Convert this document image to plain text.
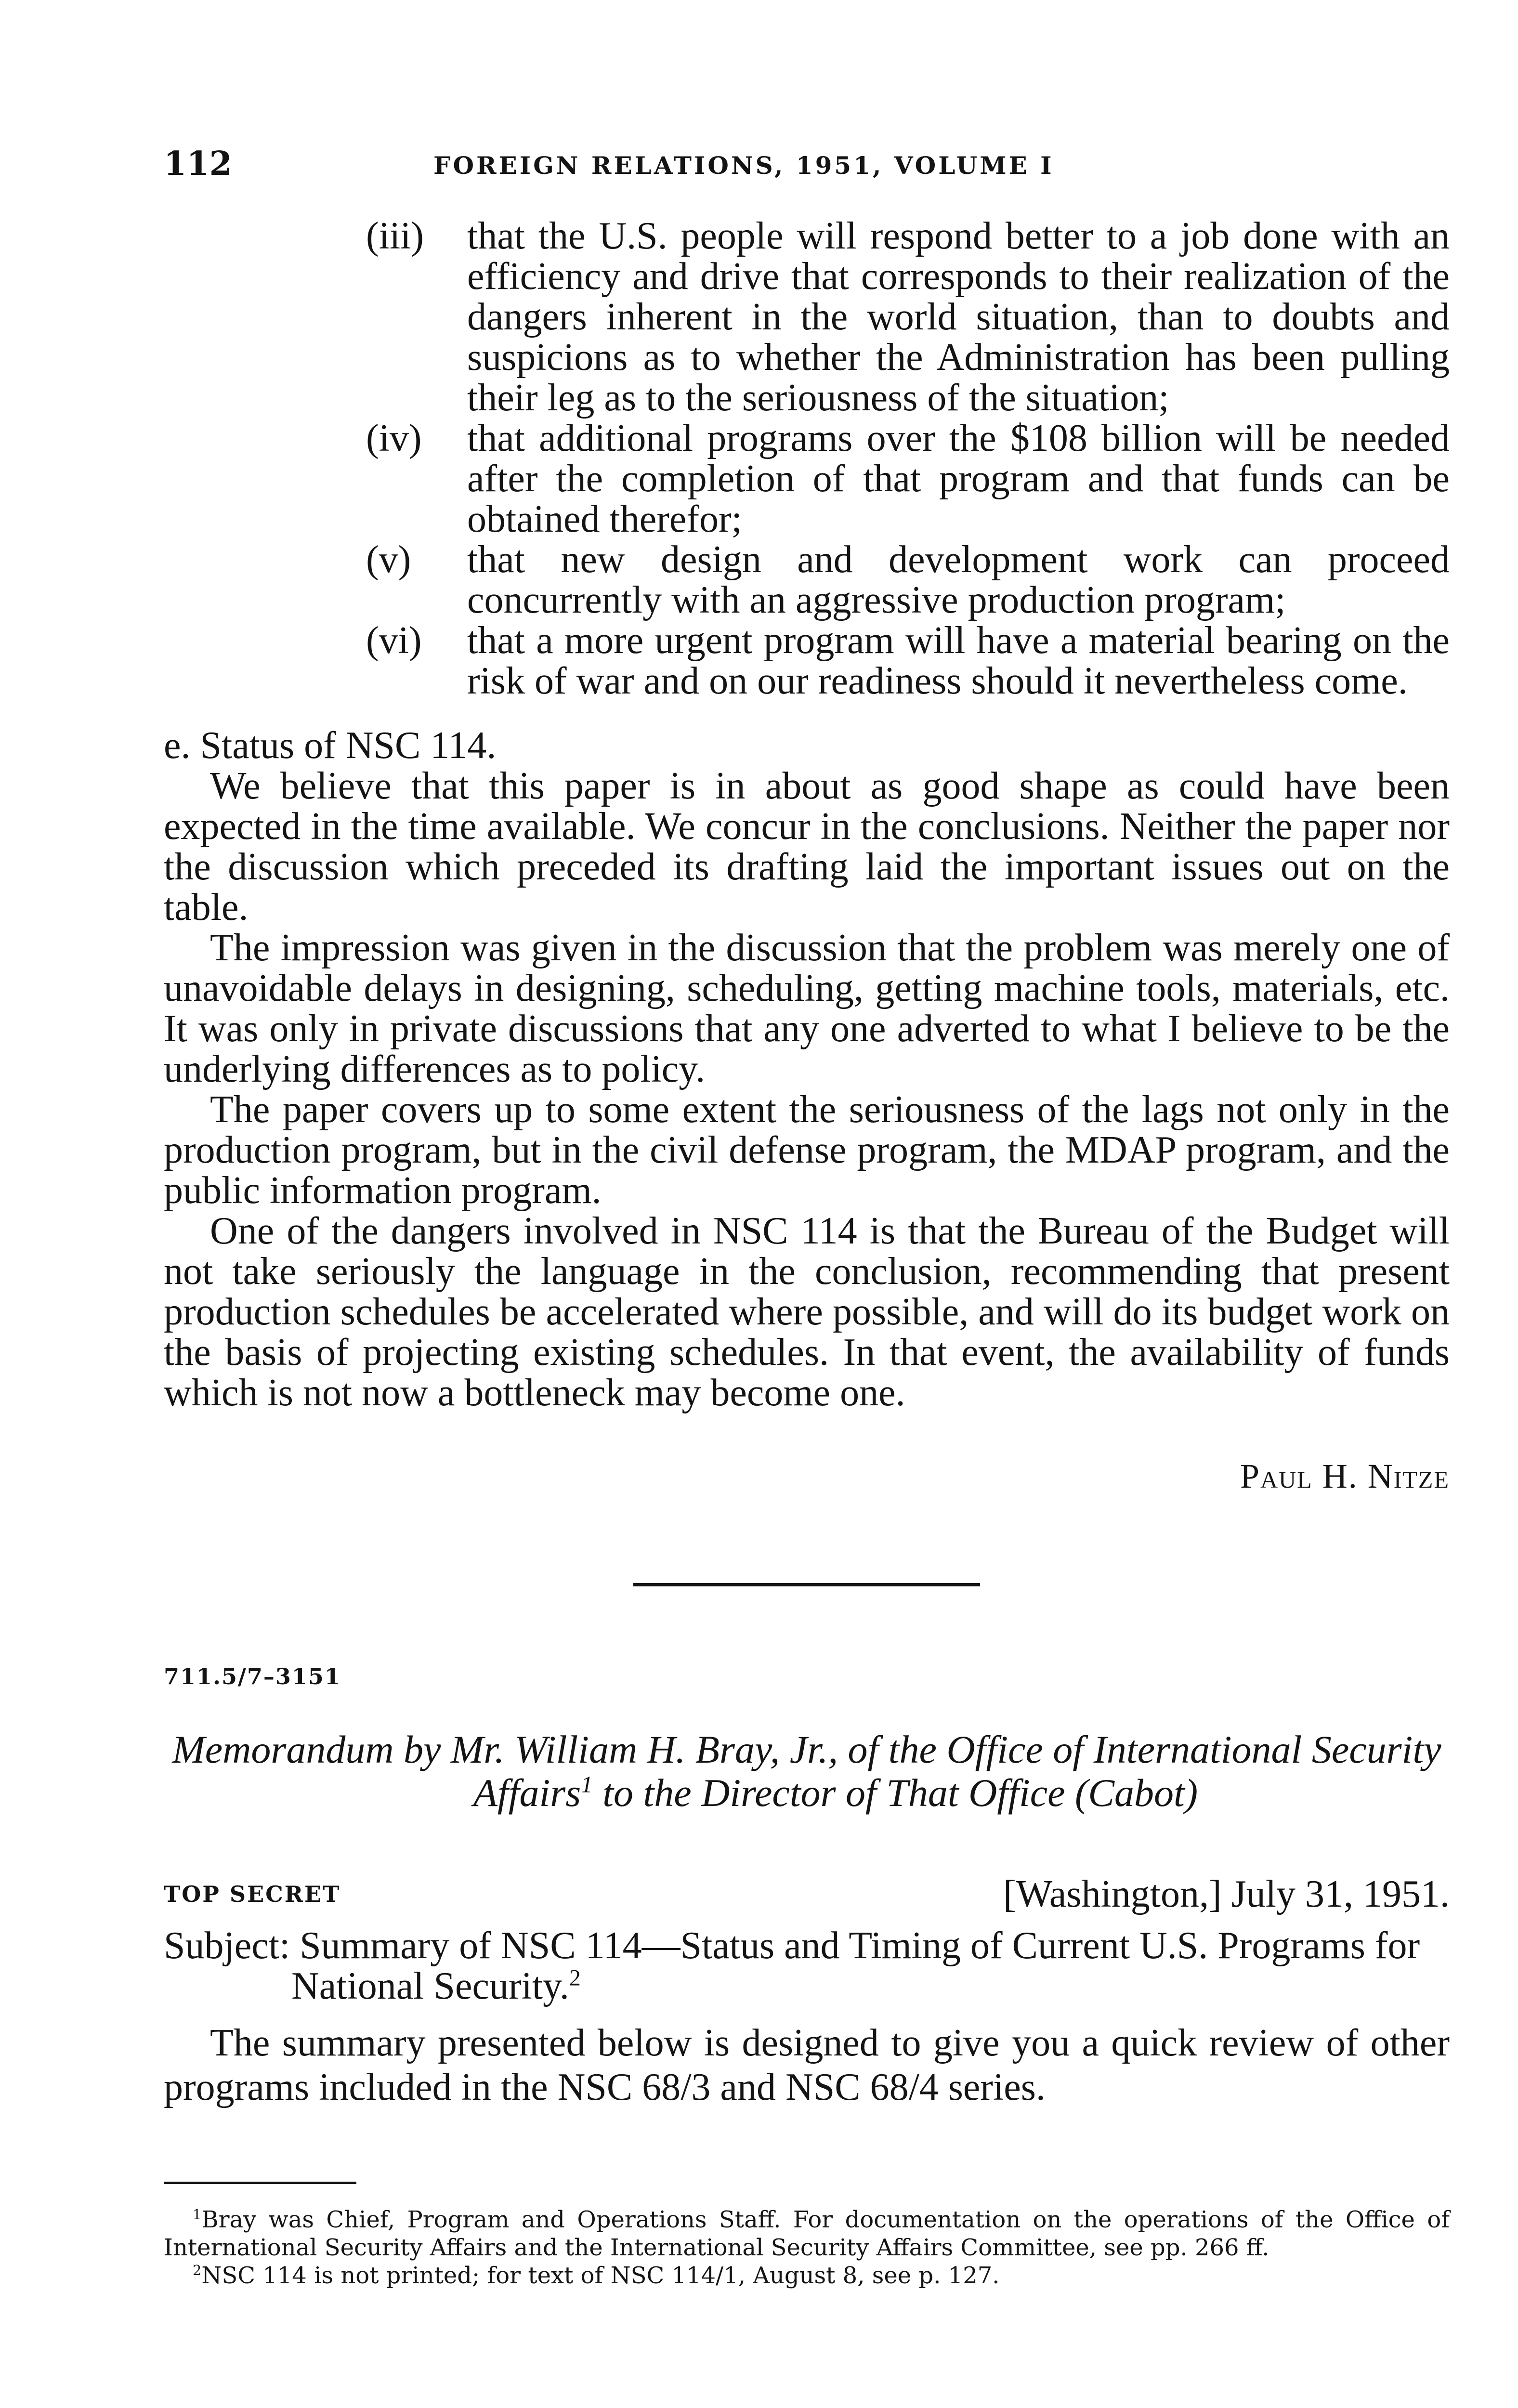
112	FOREIGN RELATIONS, 1951, VOLUME I
(iii) that the U.S. people will respond better to a job done with an efficiency and drive that corresponds to their realization of the dangers inherent in the world situation, than to doubts and suspicions as to whether the Administration has been pulling their leg as to the seriousness of the situation;
(iv) that additional programs over the $108 billion will be needed after the completion of that program and that funds can be obtained therefor;
(v) that new design and development work can proceed concurrently with an aggressive production program;
(vi) that a more urgent program will have a material bearing on the risk of war and on our readiness should it nevertheless come.
e. Status of NSC 114.

We believe that this paper is in about as good shape as could have been expected in the time available. We concur in the conclusions. Neither the paper nor the discussion which preceded its drafting laid the important issues out on the table.

The impression was given in the discussion that the problem was merely one of unavoidable delays in designing, scheduling, getting machine tools, materials, etc. It was only in private discussions that any one adverted to what I believe to be the underlying differences as to policy.

The paper covers up to some extent the seriousness of the lags not only in the production program, but in the civil defense program, the MDAP program, and the public information program.

One of the dangers involved in NSC 114 is that the Bureau of the Budget will not take seriously the language in the conclusion, recommending that present production schedules be accelerated where possible, and will do its budget work on the basis of projecting existing schedules. In that event, the availability of funds which is not now a bottleneck may become one.

Paul H. Nitze
711.5/7–3151
Memorandum by Mr. William H. Bray, Jr., of the Office of International Security Affairs$^1$ to the Director of That Office (Cabot)
TOP SECRET	[Washington,] July 31, 1951.
Subject: Summary of NSC 114—Status and Timing of Current U.S. Programs for National Security.$^2$

The summary presented below is designed to give you a quick review of other programs included in the NSC 68/3 and NSC 68/4 series.

$^1$Bray was Chief, Program and Operations Staff. For documentation on the operations of the Office of International Security Affairs and the International Security Affairs Committee, see pp. 266 ff.

$^2$NSC 114 is not printed; for text of NSC 114/1, August 8, see p. 127.
